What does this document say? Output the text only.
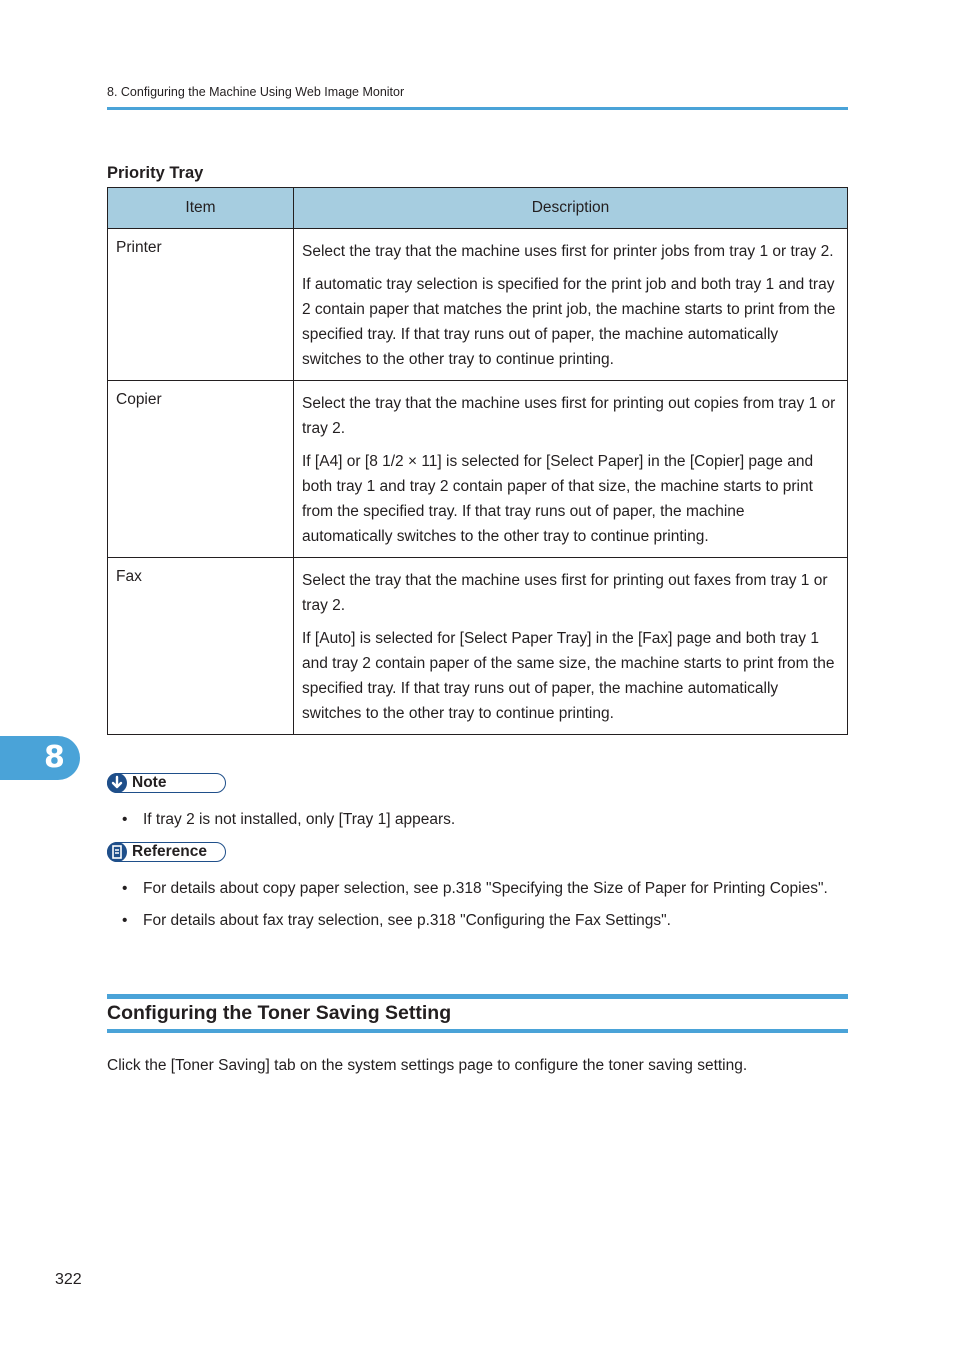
8. Configuring the Machine Using Web Image Monitor
Priority Tray
Item	Description
Printer	Select the tray that the machine uses first for printer jobs from tray 1 or tray 2.

If automatic tray selection is specified for the print job and both tray 1 and tray 2 contain paper that matches the print job, the machine starts to print from the specified tray. If that tray runs out of paper, the machine automatically switches to the other tray to continue printing.

Copier	Select the tray that the machine uses first for printing out copies from tray 1 or tray 2.

If [A4] or [8 1/2 × 11] is selected for [Select Paper] in the [Copier] page and both tray 1 and tray 2 contain paper of that size, the machine starts to print from the specified tray. If that tray runs out of paper, the machine automatically switches to the other tray to continue printing.

Fax	Select the tray that the machine uses first for printing out faxes from tray 1 or tray 2.

If [Auto] is selected for [Select Paper Tray] in the [Fax] page and both tray 1 and tray 2 contain paper of the same size, the machine starts to print from the specified tray. If that tray runs out of paper, the machine automatically switches to the other tray to continue printing.

8
Note
• If tray 2 is not installed, only [Tray 1] appears.
Reference
• For details about copy paper selection, see p.318 "Specifying the Size of Paper for Printing Copies".
• For details about fax tray selection, see p.318 "Configuring the Fax Settings".
Configuring the Toner Saving Setting
Click the [Toner Saving] tab on the system settings page to configure the toner saving setting.
322
